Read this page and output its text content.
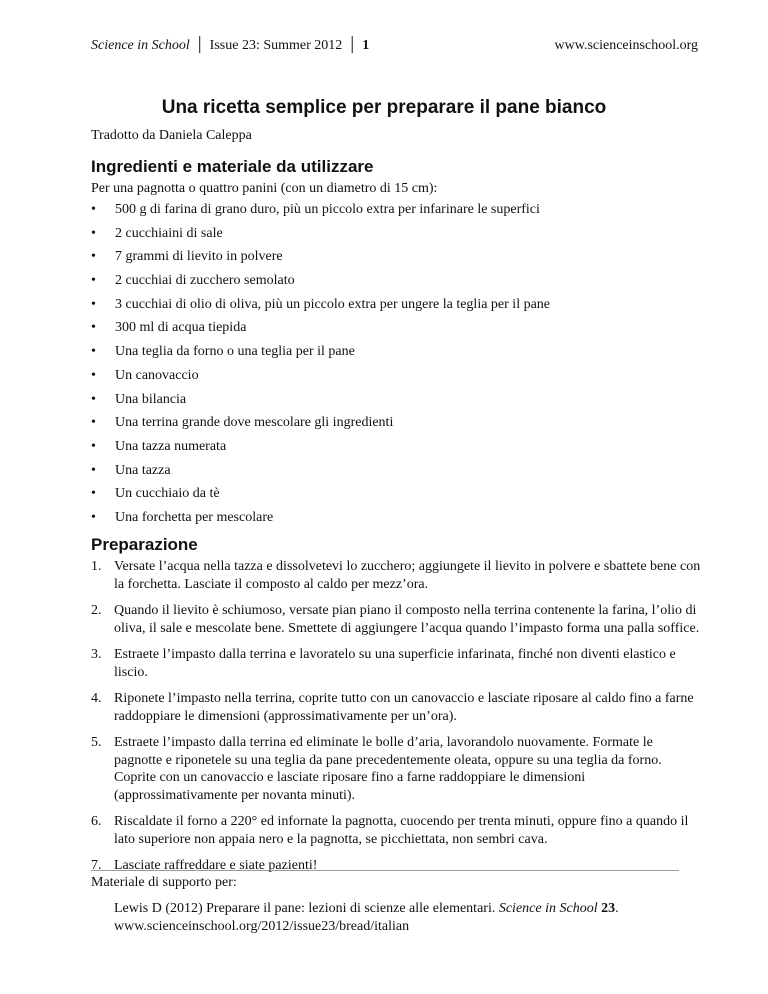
Science in School │ Issue 23: Summer 2012 │ 1	www.scienceinschool.org
Una ricetta semplice per preparare il pane bianco
Tradotto da Daniela Caleppa
Ingredienti e materiale da utilizzare
Per una pagnotta o quattro panini (con un diametro di 15 cm):
•	500 g di farina di grano duro, più un piccolo extra per infarinare le superfici
•	2 cucchiaini di sale
•	7 grammi di lievito in polvere
•	2 cucchiai di zucchero semolato
•	3 cucchiai di olio di oliva, più un piccolo extra per ungere la teglia per il pane
•	300 ml di acqua tiepida
•	Una teglia da forno o una teglia per il pane
•	Un canovaccio
•	Una bilancia
•	Una terrina grande dove mescolare gli ingredienti
•	Una tazza numerata
•	Una tazza
•	Un cucchiaio da tè
•	Una forchetta per mescolare
Preparazione
1. Versate l’acqua nella tazza e dissolvetevi lo zucchero; aggiungete il lievito in polvere e sbattete bene con la forchetta. Lasciate il composto al caldo per mezz’ora.
2. Quando il lievito è schiumoso, versate pian piano il composto nella terrina contenente la farina, l’olio di oliva, il sale e mescolate bene. Smettete di aggiungere l’acqua quando l’impasto forma una palla soffice.
3. Estraete l’impasto dalla terrina e lavoratelo su una superficie infarinata, finché non diventi elastico e liscio.
4. Riponete l’impasto nella terrina, coprite tutto con un canovaccio e lasciate riposare al caldo fino a farne raddoppiare le dimensioni (approssimativamente per un’ora).
5. Estraete l’impasto dalla terrina ed eliminate le bolle d’aria, lavorandolo nuovamente. Formate le pagnotte e riponetele su una teglia da pane precedentemente oleata, oppure su una teglia da forno. Coprite con un canovaccio e lasciate riposare fino a farne raddoppiare le dimensioni (approssimativamente per novanta minuti).
6. Riscaldate il forno a 220° ed infornate la pagnotta, cuocendo per trenta minuti, oppure fino a quando il lato superiore non appaia nero e la pagnotta, se picchiettata, non sembri cava.
7. Lasciate raffreddare e siate pazienti!
Materiale di supporto per:
Lewis D (2012) Preparare il pane: lezioni di scienze alle elementari. Science in School 23.
www.scienceinschool.org/2012/issue23/bread/italian
